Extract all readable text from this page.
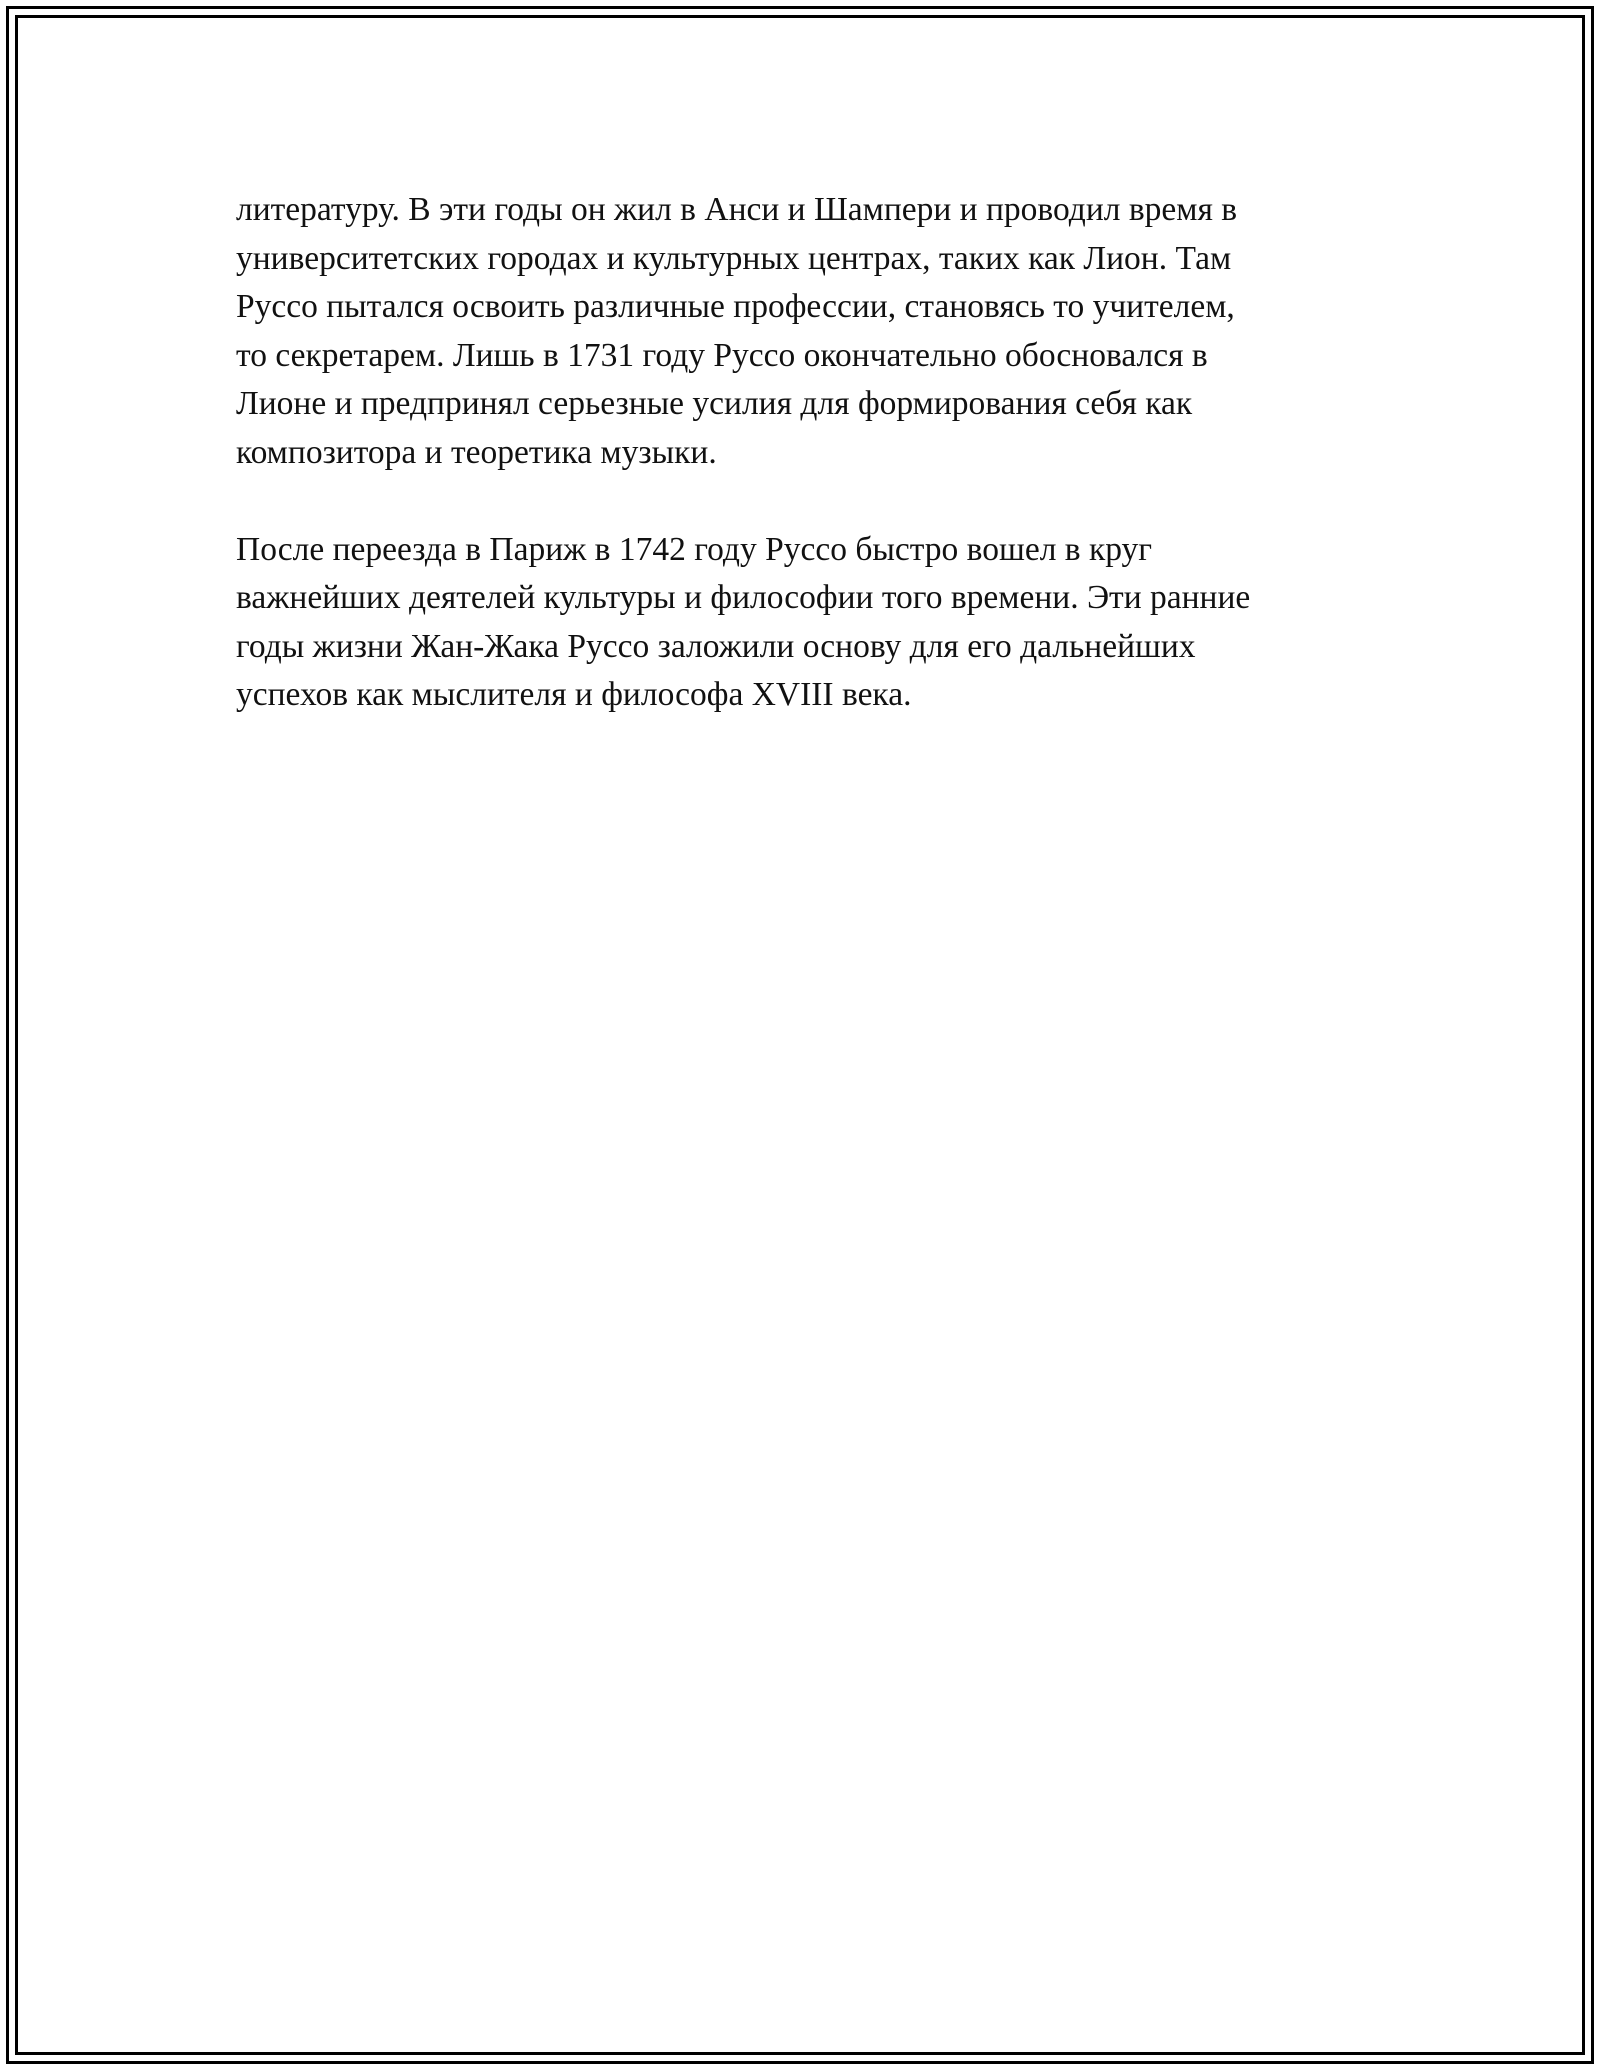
литературу. В эти годы он жил в Анси и Шампери и проводил время в
университетских городах и культурных центрах, таких как Лион. Там
Руссо пытался освоить различные профессии, становясь то учителем,
то секретарем. Лишь в 1731 году Руссо окончательно обосновался в
Лионе и предпринял серьезные усилия для формирования себя как
композитора и теоретика музыки.

После переезда в Париж в 1742 году Руссо быстро вошел в круг
важнейших деятелей культуры и философии того времени. Эти ранние
годы жизни Жан-Жака Руссо заложили основу для его дальнейших
успехов как мыслителя и философа XVIII века.
